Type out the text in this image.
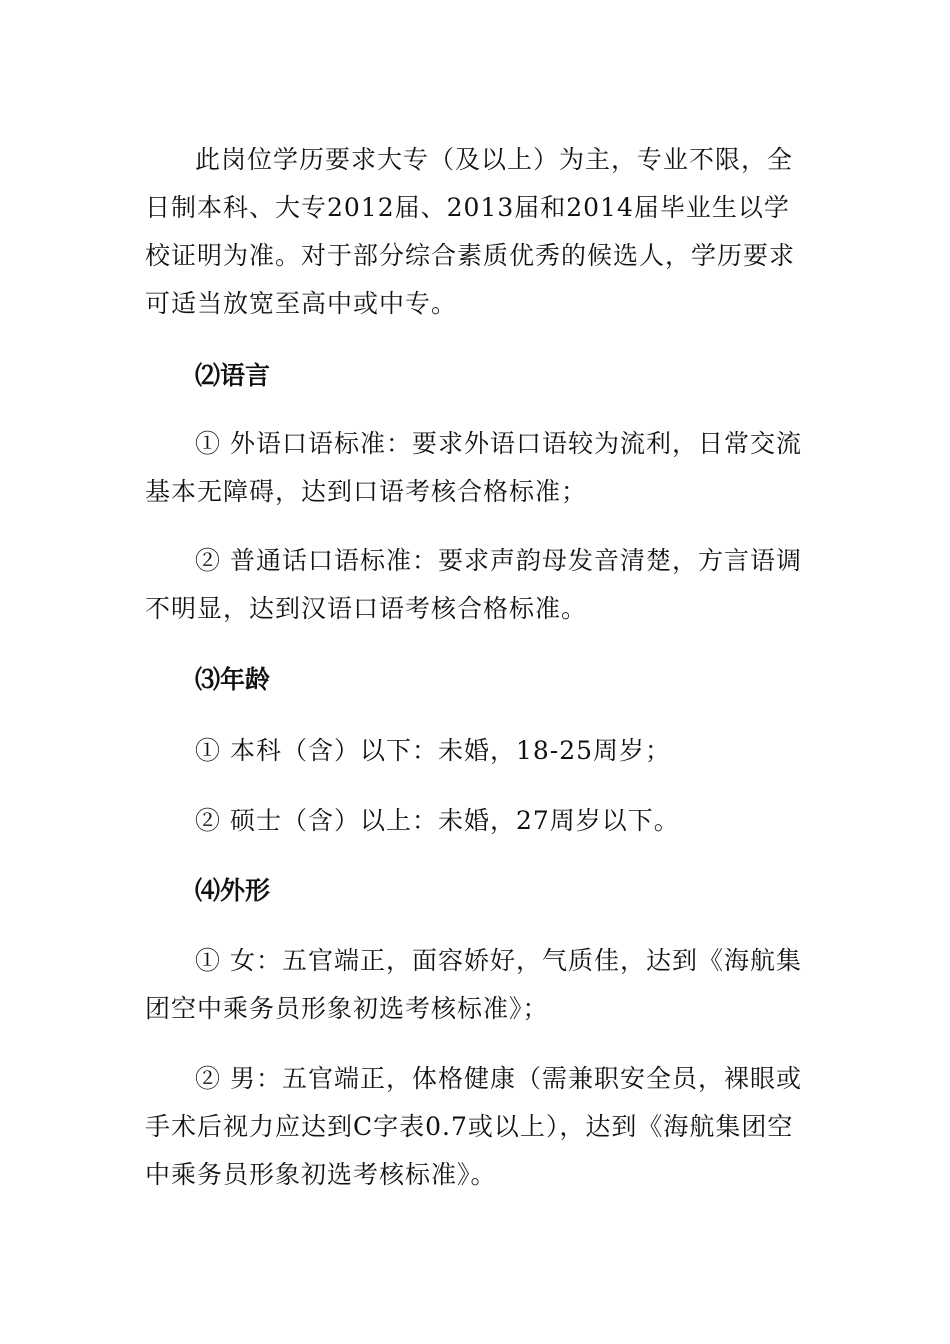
此岗位学历要求大专（及以上）为主，专业不限，全日制本科、大专2012届、2013届和2014届毕业生以学校证明为准。对于部分综合素质优秀的候选人，学历要求可适当放宽至高中或中专。

⑵语言

① 外语口语标准：要求外语口语较为流利，日常交流基本无障碍，达到口语考核合格标准；

② 普通话口语标准：要求声韵母发音清楚，方言语调不明显，达到汉语口语考核合格标准。

⑶年龄

① 本科（含）以下：未婚，18-25周岁；

② 硕士（含）以上：未婚，27周岁以下。

⑷外形

① 女：五官端正，面容娇好，气质佳，达到《海航集团空中乘务员形象初选考核标准》；

② 男：五官端正，体格健康（需兼职安全员，裸眼或手术后视力应达到C字表0.7或以上），达到《海航集团空中乘务员形象初选考核标准》。
